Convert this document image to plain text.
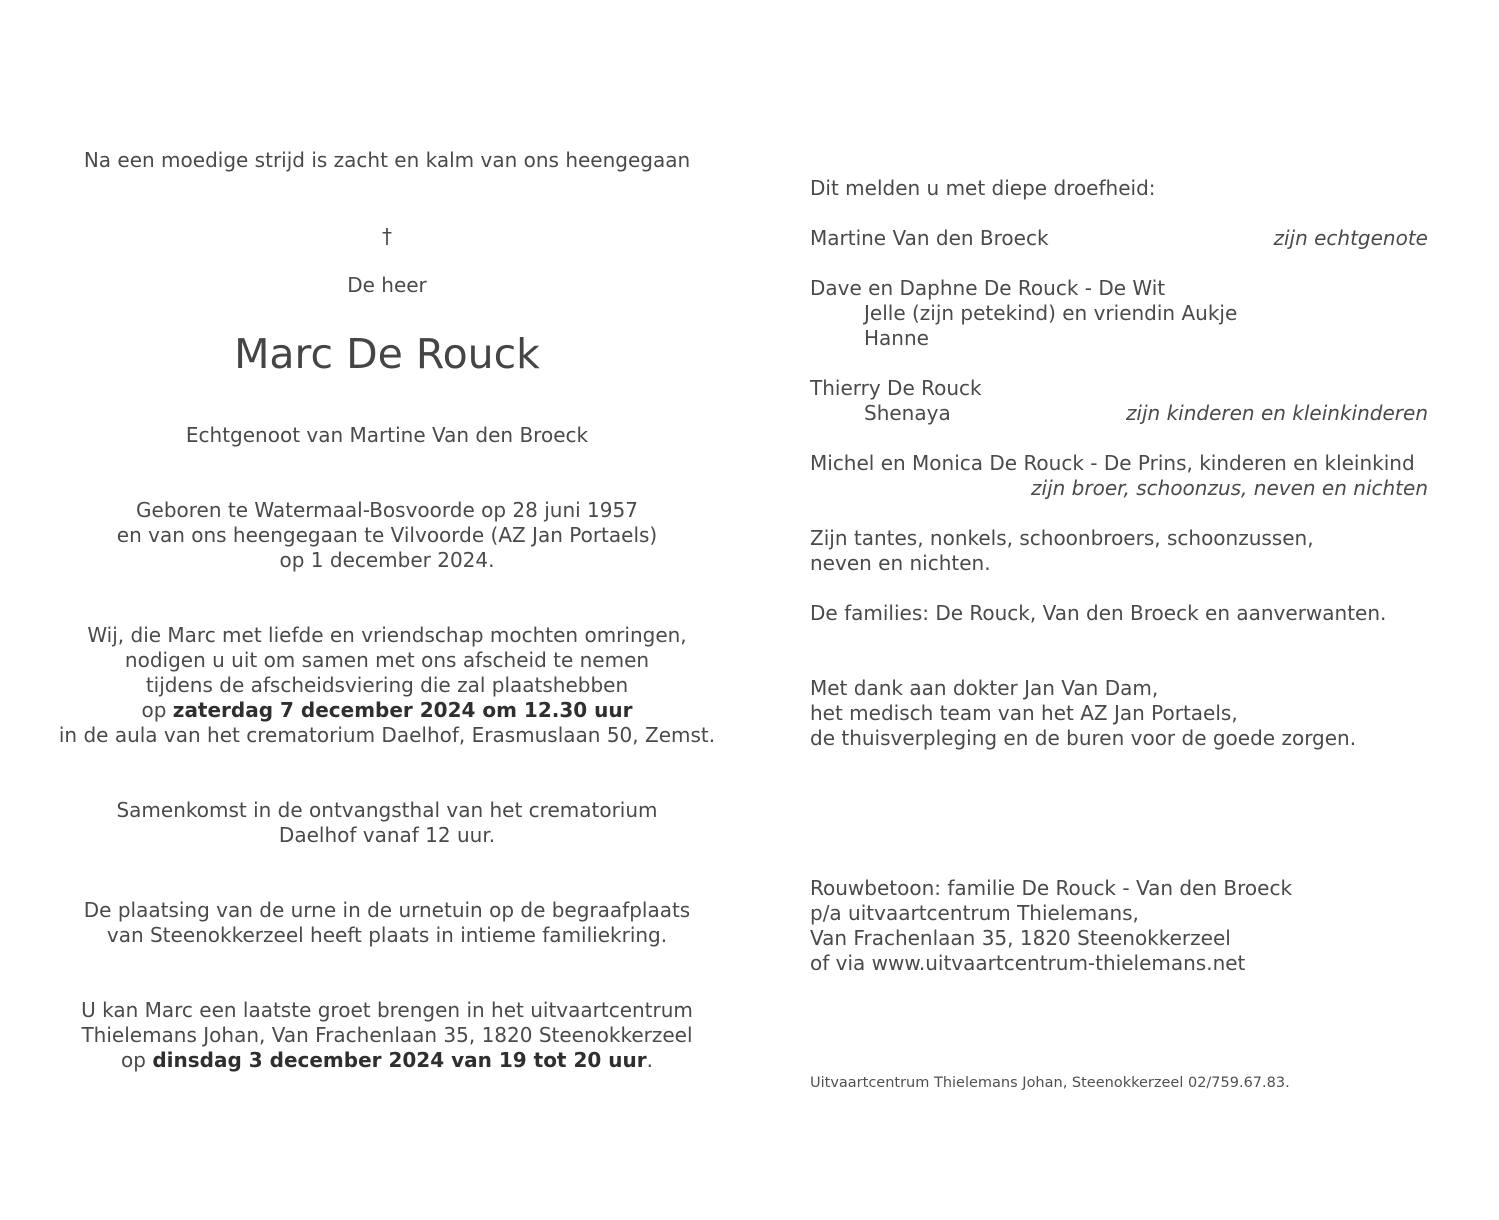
Na een moedige strijd is zacht en kalm van ons heengegaan
†
De heer
Marc De Rouck
Echtgenoot van Martine Van den Broeck
Geboren te Watermaal-Bosvoorde op 28 juni 1957
en van ons heengegaan te Vilvoorde (AZ Jan Portaels)
op 1 december 2024.
Wij, die Marc met liefde en vriendschap mochten omringen,
nodigen u uit om samen met ons afscheid te nemen
tijdens de afscheidsviering die zal plaatshebben
op zaterdag 7 december 2024 om 12.30 uur
in de aula van het crematorium Daelhof, Erasmuslaan 50, Zemst.
Samenkomst in de ontvangsthal van het crematorium
Daelhof vanaf 12 uur.
De plaatsing van de urne in de urnetuin op de begraafplaats
van Steenokkerzeel heeft plaats in intieme familiekring.
U kan Marc een laatste groet brengen in het uitvaartcentrum
Thielemans Johan, Van Frachenlaan 35, 1820 Steenokkerzeel
op dinsdag 3 december 2024 van 19 tot 20 uur.
Dit melden u met diepe droefheid:
Martine Van den Broeck	zijn echtgenote
Dave en Daphne De Rouck - De Wit
Jelle (zijn petekind) en vriendin Aukje
Hanne
Thierry De Rouck
Shenaya	zijn kinderen en kleinkinderen
Michel en Monica De Rouck - De Prins, kinderen en kleinkind
zijn broer, schoonzus, neven en nichten
Zijn tantes, nonkels, schoonbroers, schoonzussen,
neven en nichten.
De families: De Rouck, Van den Broeck en aanverwanten.
Met dank aan dokter Jan Van Dam,
het medisch team van het AZ Jan Portaels,
de thuisverpleging en de buren voor de goede zorgen.
Rouwbetoon: familie De Rouck - Van den Broeck
p/a uitvaartcentrum Thielemans,
Van Frachenlaan 35, 1820 Steenokkerzeel
of via www.uitvaartcentrum-thielemans.net
Uitvaartcentrum Thielemans Johan, Steenokkerzeel 02/759.67.83.
